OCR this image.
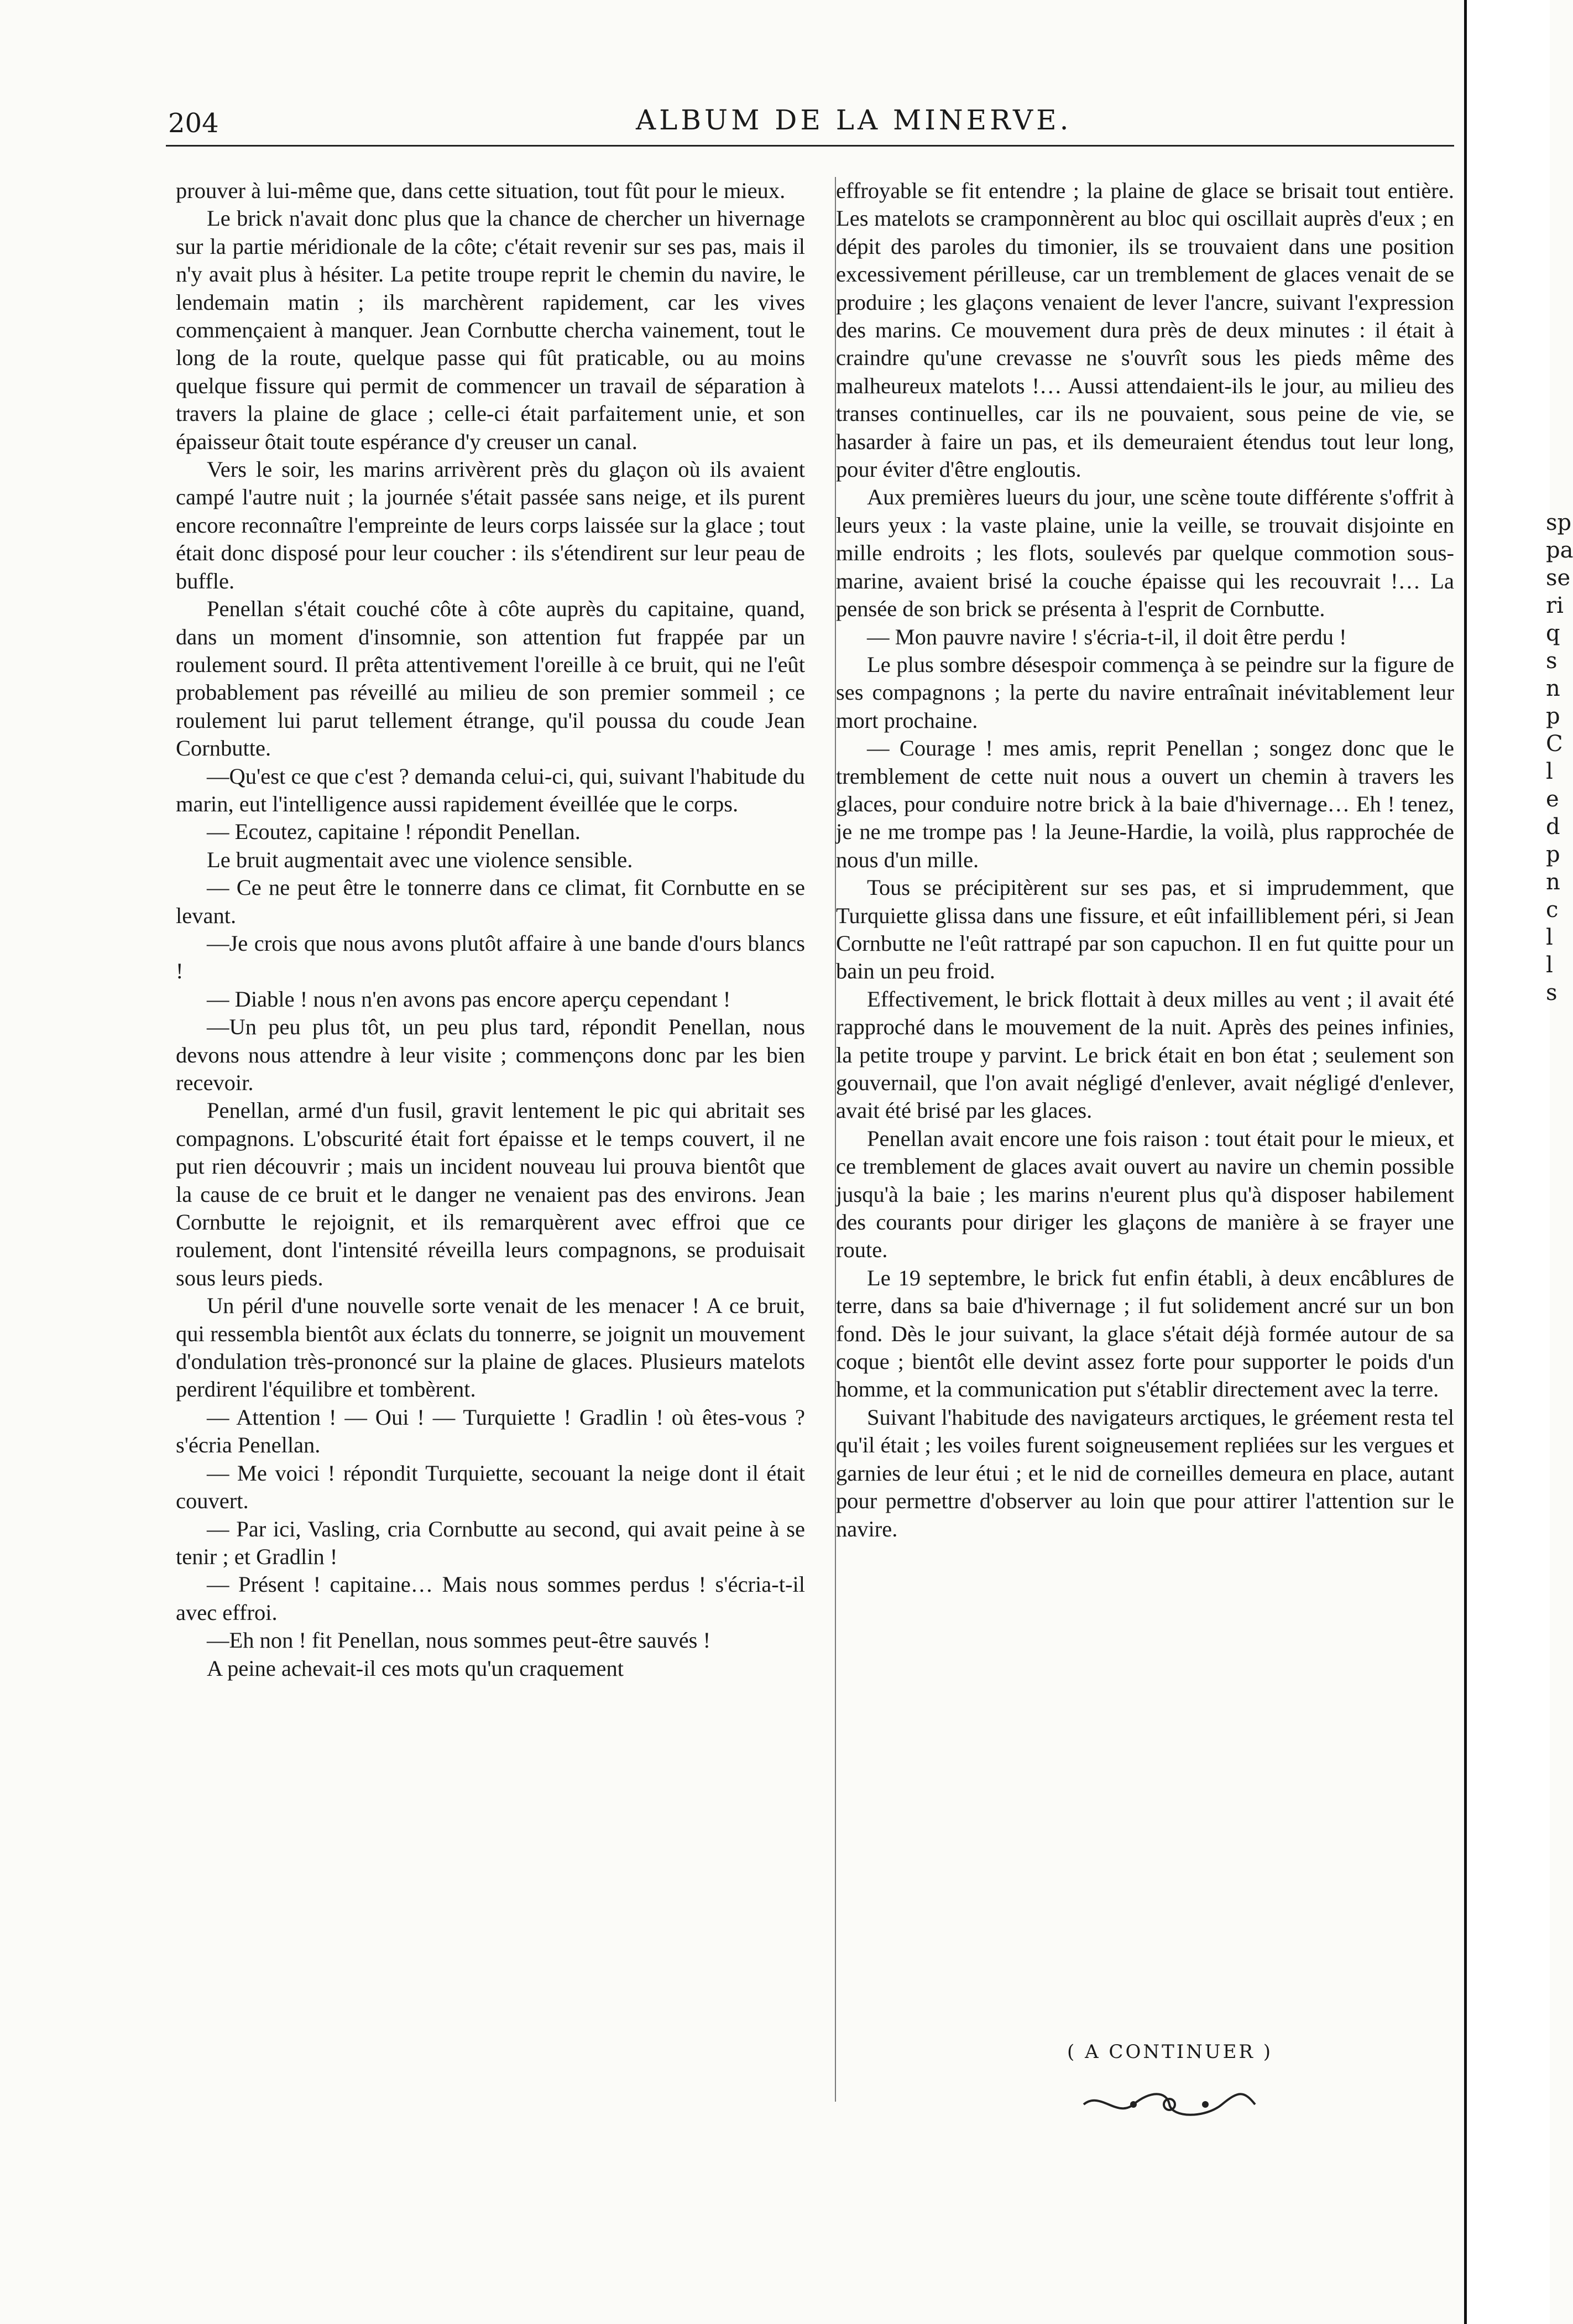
204	ALBUM DE LA MINERVE.

prouver à lui-même que, dans cette situation, tout fût pour le mieux.

Le brick n'avait donc plus que la chance de chercher un hivernage sur la partie méridionale de la côte; c'était revenir sur ses pas, mais il n'y avait plus à hésiter. La petite troupe reprit le chemin du navire, le lendemain matin ; ils marchèrent rapidement, car les vives commençaient à manquer. Jean Cornbutte chercha vainement, tout le long de la route, quelque passe qui fût praticable, ou au moins quelque fissure qui permit de commencer un travail de séparation à travers la plaine de glace ; celle-ci était parfaitement unie, et son épaisseur ôtait toute espérance d'y creuser un canal.

Vers le soir, les marins arrivèrent près du glaçon où ils avaient campé l'autre nuit ; la journée s'était passée sans neige, et ils purent encore reconnaître l'empreinte de leurs corps laissée sur la glace ; tout était donc disposé pour leur coucher : ils s'étendirent sur leur peau de buffle.

Penellan s'était couché côte à côte auprès du capitaine, quand, dans un moment d'insomnie, son attention fut frappée par un roulement sourd. Il prêta attentivement l'oreille à ce bruit, qui ne l'eût probablement pas réveillé au milieu de son premier sommeil ; ce roulement lui parut tellement étrange, qu'il poussa du coude Jean Cornbutte.

—Qu'est ce que c'est ? demanda celui-ci, qui, suivant l'habitude du marin, eut l'intelligence aussi rapidement éveillée que le corps.

— Ecoutez, capitaine ! répondit Penellan.

Le bruit augmentait avec une violence sensible.

— Ce ne peut être le tonnerre dans ce climat, fit Cornbutte en se levant.

—Je crois que nous avons plutôt affaire à une bande d'ours blancs !

— Diable ! nous n'en avons pas encore aperçu cependant !

—Un peu plus tôt, un peu plus tard, répondit Penellan, nous devons nous attendre à leur visite ; commençons donc par les bien recevoir.

Penellan, armé d'un fusil, gravit lentement le pic qui abritait ses compagnons. L'obscurité était fort épaisse et le temps couvert, il ne put rien découvrir ; mais un incident nouveau lui prouva bientôt que la cause de ce bruit et le danger ne venaient pas des environs. Jean Cornbutte le rejoignit, et ils remarquèrent avec effroi que ce roulement, dont l'intensité réveilla leurs compagnons, se produisait sous leurs pieds.

Un péril d'une nouvelle sorte venait de les menacer ! A ce bruit, qui ressembla bientôt aux éclats du tonnerre, se joignit un mouvement d'ondulation très-prononcé sur la plaine de glaces. Plusieurs matelots perdirent l'équilibre et tombèrent.

— Attention ! — Oui ! — Turquiette ! Gradlin ! où êtes-vous ? s'écria Penellan.

— Me voici ! répondit Turquiette, secouant la neige dont il était couvert.

— Par ici, Vasling, cria Cornbutte au second, qui avait peine à se tenir ; et Gradlin !

— Présent ! capitaine… Mais nous sommes perdus ! s'écria-t-il avec effroi.

—Eh non ! fit Penellan, nous sommes peut-être sauvés !

A peine achevait-il ces mots qu'un craquement

effroyable se fit entendre ; la plaine de glace se brisait tout entière. Les matelots se cramponnèrent au bloc qui oscillait auprès d'eux ; en dépit des paroles du timonier, ils se trouvaient dans une position excessivement périlleuse, car un tremblement de glaces venait de se produire ; les glaçons venaient de lever l'ancre, suivant l'expression des marins. Ce mouvement dura près de deux minutes : il était à craindre qu'une crevasse ne s'ouvrît sous les pieds même des malheureux matelots !… Aussi attendaient-ils le jour, au milieu des transes continuelles, car ils ne pouvaient, sous peine de vie, se hasarder à faire un pas, et ils demeuraient étendus tout leur long, pour éviter d'être engloutis.

Aux premières lueurs du jour, une scène toute différente s'offrit à leurs yeux : la vaste plaine, unie la veille, se trouvait disjointe en mille endroits ; les flots, soulevés par quelque commotion sous-marine, avaient brisé la couche épaisse qui les recouvrait !… La pensée de son brick se présenta à l'esprit de Cornbutte.

— Mon pauvre navire ! s'écria-t-il, il doit être perdu !

Le plus sombre désespoir commença à se peindre sur la figure de ses compagnons ; la perte du navire entraînait inévitablement leur mort prochaine.

— Courage ! mes amis, reprit Penellan ; songez donc que le tremblement de cette nuit nous a ouvert un chemin à travers les glaces, pour conduire notre brick à la baie d'hivernage… Eh ! tenez, je ne me trompe pas ! la Jeune-Hardie, la voilà, plus rapprochée de nous d'un mille.

Tous se précipitèrent sur ses pas, et si imprudemment, que Turquiette glissa dans une fissure, et eût infailliblement péri, si Jean Cornbutte ne l'eût rattrapé par son capuchon. Il en fut quitte pour un bain un peu froid.

Effectivement, le brick flottait à deux milles au vent ; il avait été rapproché dans le mouvement de la nuit. Après des peines infinies, la petite troupe y parvint. Le brick était en bon état ; seulement son gouvernail, que l'on avait négligé d'enlever, avait négligé d'enlever, avait été brisé par les glaces.

Penellan avait encore une fois raison : tout était pour le mieux, et ce tremblement de glaces avait ouvert au navire un chemin possible jusqu'à la baie ; les marins n'eurent plus qu'à disposer habilement des courants pour diriger les glaçons de manière à se frayer une route.

Le 19 septembre, le brick fut enfin établi, à deux encâblures de terre, dans sa baie d'hivernage ; il fut solidement ancré sur un bon fond. Dès le jour suivant, la glace s'était déjà formée autour de sa coque ; bientôt elle devint assez forte pour supporter le poids d'un homme, et la communication put s'établir directement avec la terre.

Suivant l'habitude des navigateurs arctiques, le gréement resta tel qu'il était ; les voiles furent soigneusement repliées sur les vergues et garnies de leur étui ; et le nid de corneilles demeura en place, autant pour permettre d'observer au loin que pour attirer l'attention sur le navire.

( A CONTINUER )
sp
pa
se
ri
q
s
n
p
C
l
e
d
p
n
c
l
l
s
